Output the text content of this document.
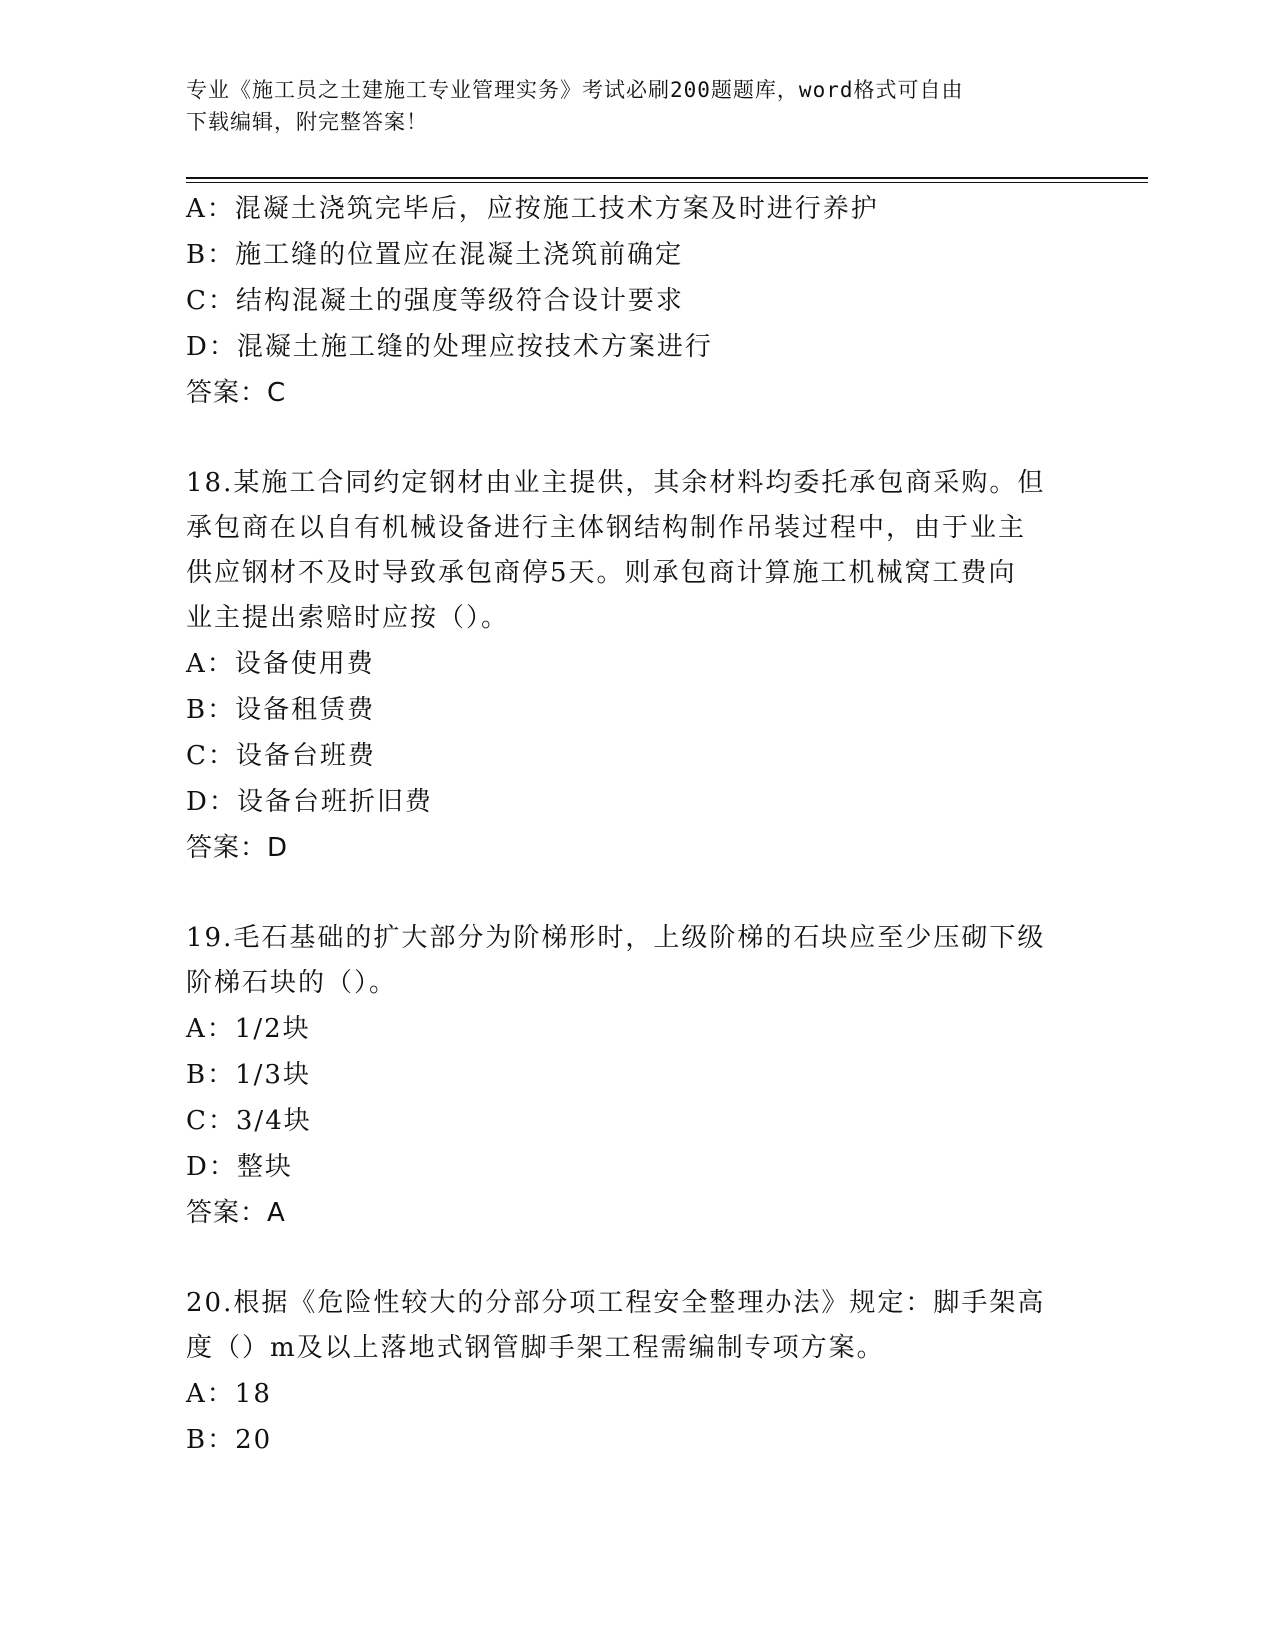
专业《施工员之土建施工专业管理实务》考试必刷200题题库，word格式可自由
下载编辑，附完整答案！
A：混凝土浇筑完毕后，应按施工技术方案及时进行养护
B：施工缝的位置应在混凝土浇筑前确定
C：结构混凝土的强度等级符合设计要求
D：混凝土施工缝的处理应按技术方案进行
答案：C
18.某施工合同约定钢材由业主提供，其余材料均委托承包商采购。但
承包商在以自有机械设备进行主体钢结构制作吊装过程中，由于业主
供应钢材不及时导致承包商停5天。则承包商计算施工机械窝工费向
业主提出索赔时应按（）。
A：设备使用费
B：设备租赁费
C：设备台班费
D：设备台班折旧费
答案：D
19.毛石基础的扩大部分为阶梯形时，上级阶梯的石块应至少压砌下级
阶梯石块的（）。
A：1/2块
B：1/3块
C：3/4块
D：整块
答案：A
20.根据《危险性较大的分部分项工程安全整理办法》规定：脚手架高
度（）m及以上落地式钢管脚手架工程需编制专项方案。
A：18
B：20
